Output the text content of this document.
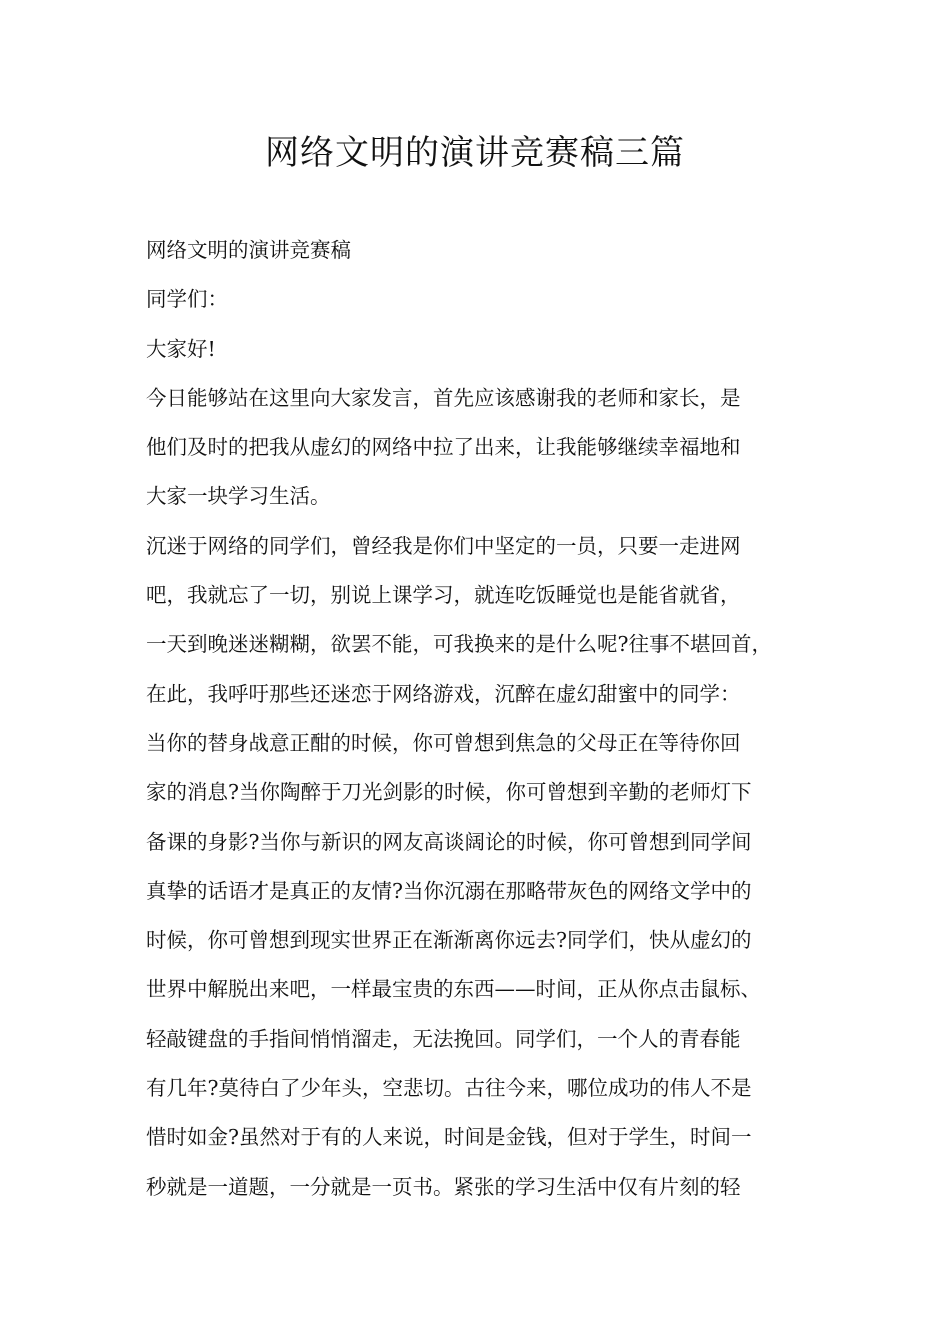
网络文明的演讲竞赛稿三篇
网络文明的演讲竞赛稿
同学们：
大家好!
今日能够站在这里向大家发言，首先应该感谢我的老师和家长，是
他们及时的把我从虚幻的网络中拉了出来，让我能够继续幸福地和
大家一块学习生活。
沉迷于网络的同学们，曾经我是你们中坚定的一员，只要一走进网
吧，我就忘了一切，别说上课学习，就连吃饭睡觉也是能省就省，
一天到晚迷迷糊糊，欲罢不能，可我换来的是什么呢?往事不堪回首，
在此，我呼吁那些还迷恋于网络游戏，沉醉在虚幻甜蜜中的同学：
当你的替身战意正酣的时候，你可曾想到焦急的父母正在等待你回
家的消息?当你陶醉于刀光剑影的时候，你可曾想到辛勤的老师灯下
备课的身影?当你与新识的网友高谈阔论的时候，你可曾想到同学间
真挚的话语才是真正的友情?当你沉溺在那略带灰色的网络文学中的
时候，你可曾想到现实世界正在渐渐离你远去?同学们，快从虚幻的
世界中解脱出来吧，一样最宝贵的东西——时间，正从你点击鼠标、
轻敲键盘的手指间悄悄溜走，无法挽回。同学们，一个人的青春能
有几年?莫待白了少年头，空悲切。古往今来，哪位成功的伟人不是
惜时如金?虽然对于有的人来说，时间是金钱，但对于学生，时间一
秒就是一道题，一分就是一页书。紧张的学习生活中仅有片刻的轻
